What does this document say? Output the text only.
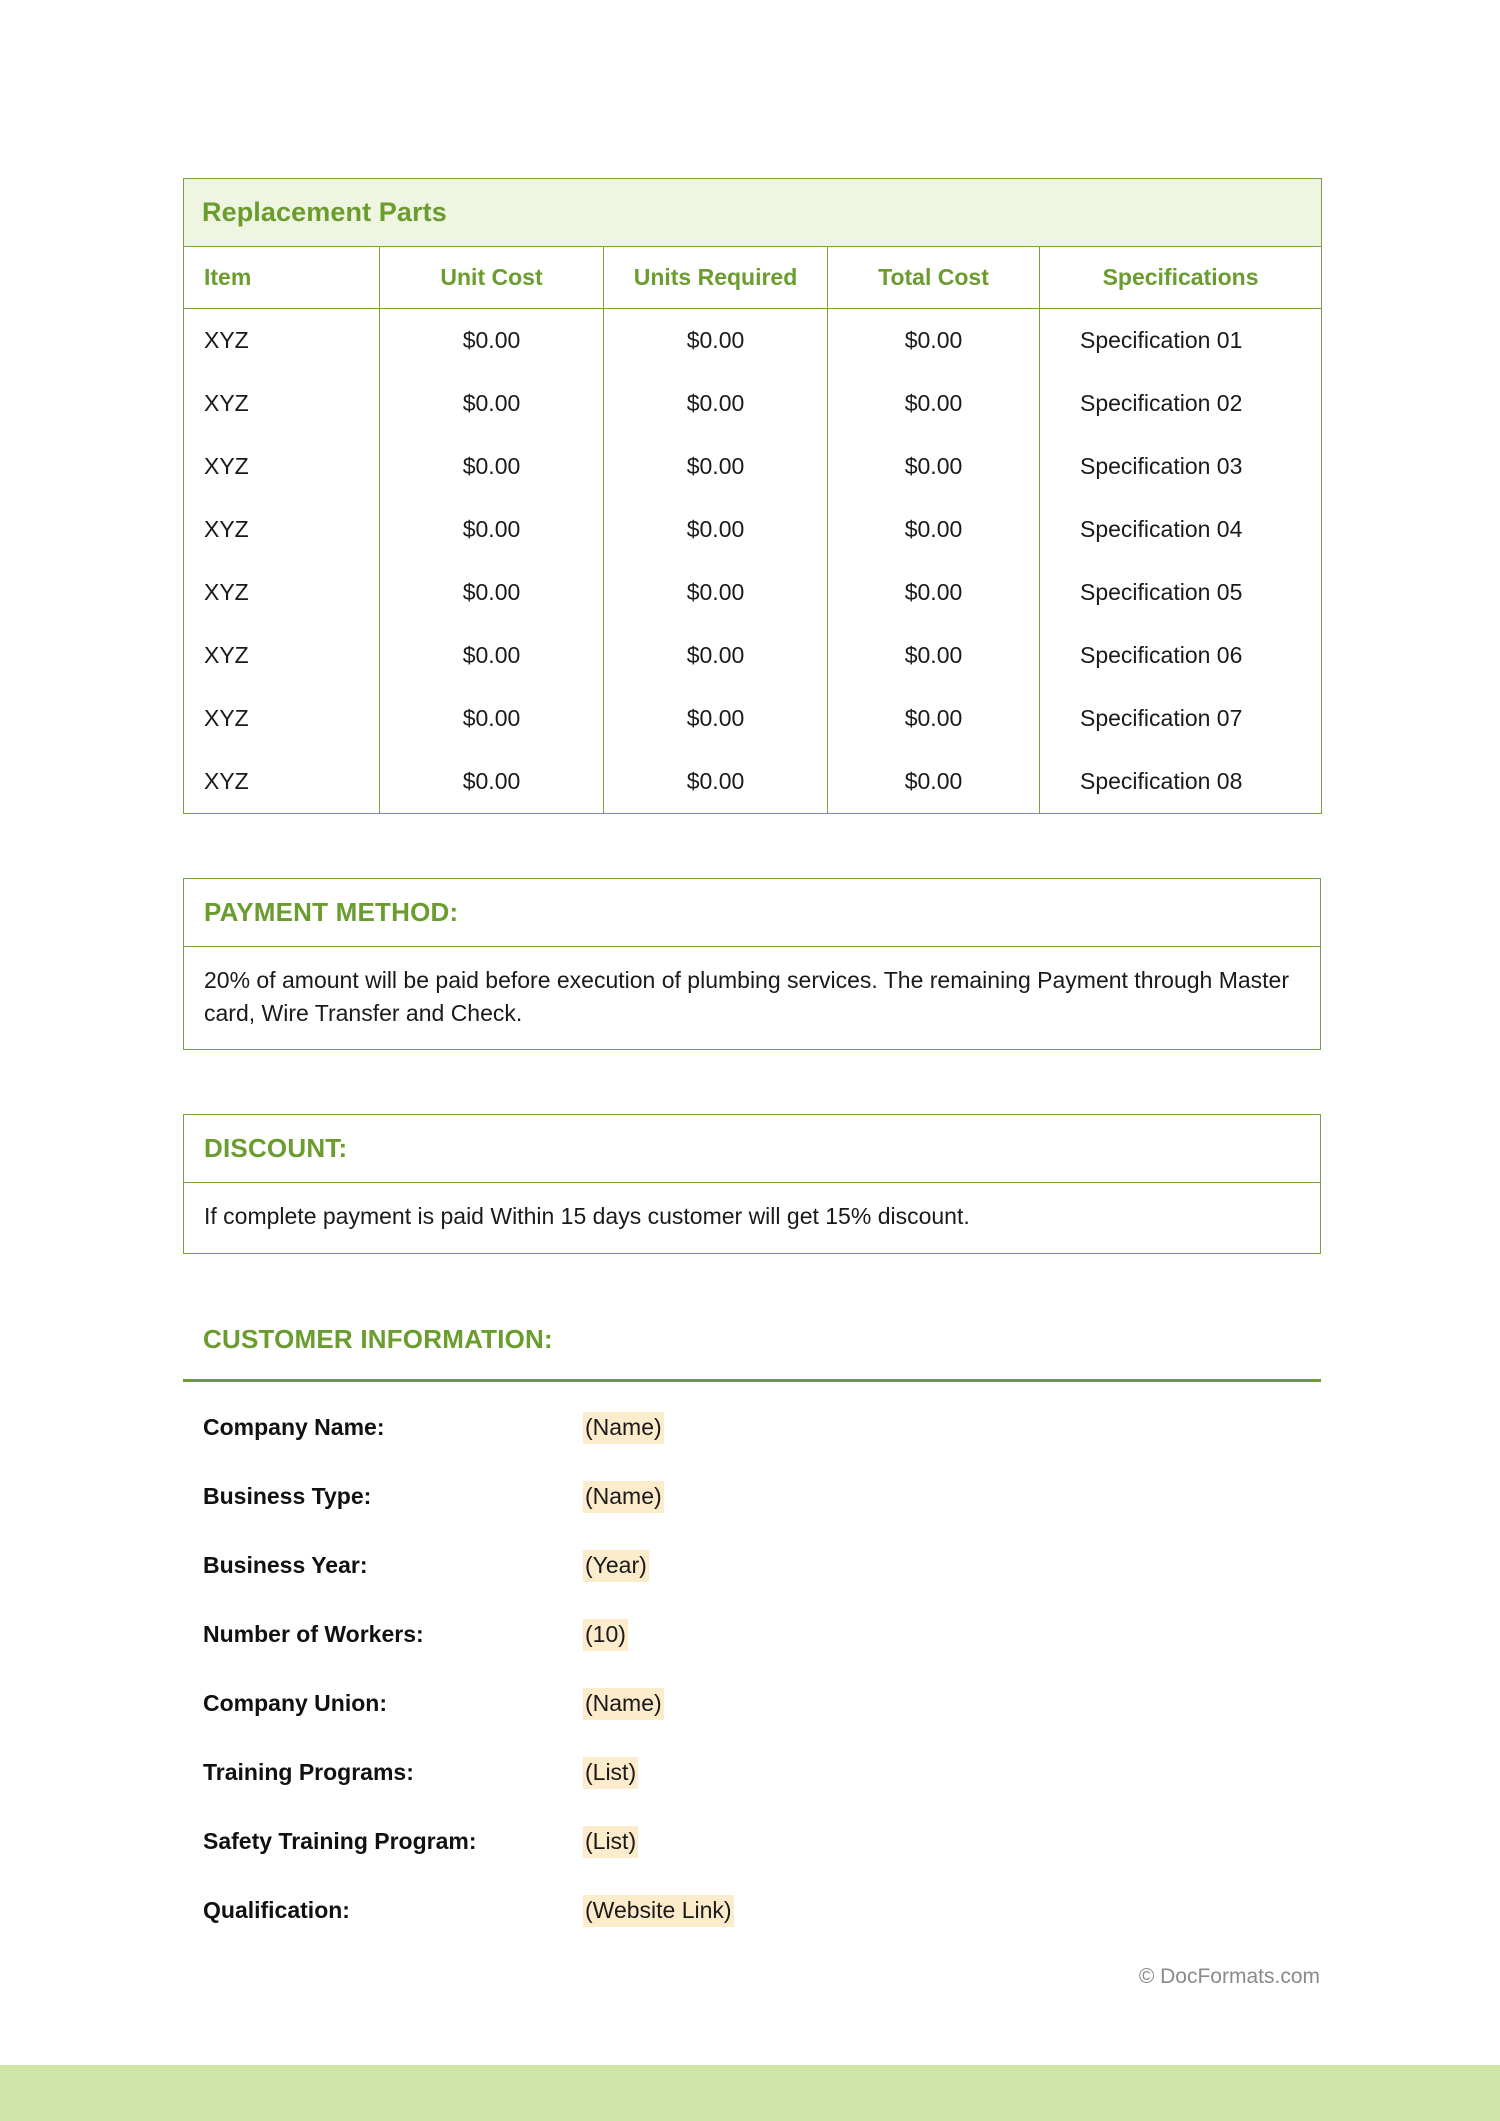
Replacement Parts				
Item	Unit Cost	Units Required	Total Cost	Specifications
XYZ	$0.00	$0.00	$0.00	Specification 01
XYZ	$0.00	$0.00	$0.00	Specification 02
XYZ	$0.00	$0.00	$0.00	Specification 03
XYZ	$0.00	$0.00	$0.00	Specification 04
XYZ	$0.00	$0.00	$0.00	Specification 05
XYZ	$0.00	$0.00	$0.00	Specification 06
XYZ	$0.00	$0.00	$0.00	Specification 07
XYZ	$0.00	$0.00	$0.00	Specification 08
PAYMENT METHOD:

20% of amount will be paid before execution of plumbing services. The remaining Payment through Master card, Wire Transfer and Check.

DISCOUNT:

If complete payment is paid Within 15 days customer will get 15% discount.

CUSTOMER INFORMATION:
Company Name:	(Name)
Business Type:	(Name)
Business Year:	(Year)
Number of Workers:	(10)
Company Union:	(Name)
Training Programs:	(List)
Safety Training Program:	(List)
Qualification:	(Website Link)
© DocFormats.com
